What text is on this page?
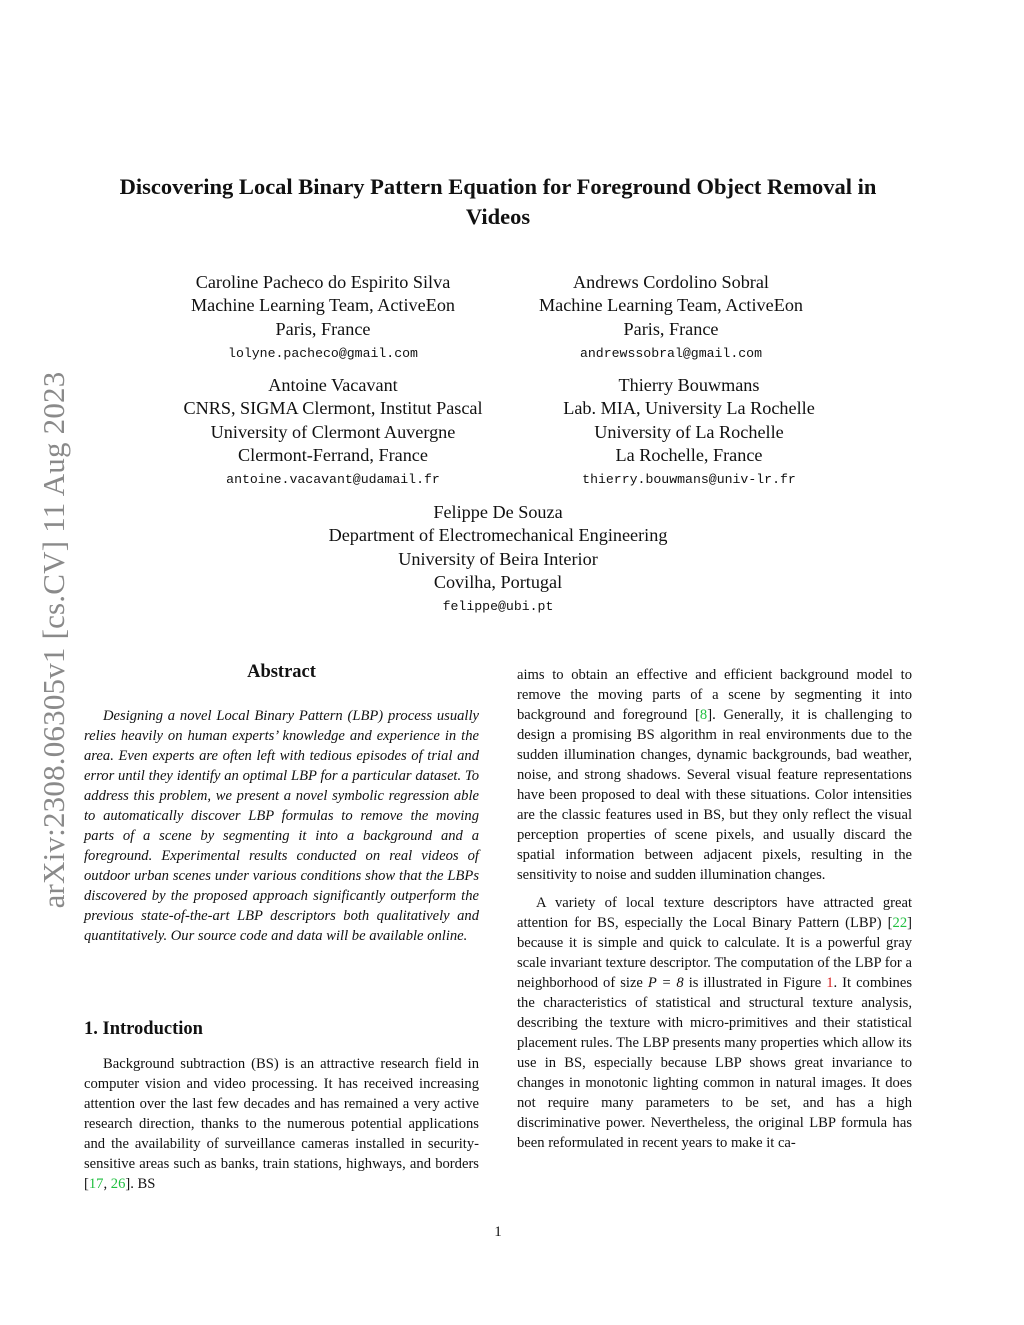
arXiv:2308.06305v1 [cs.CV] 11 Aug 2023
Discovering Local Binary Pattern Equation for Foreground Object Removal in
Videos
Caroline Pacheco do Espirito Silva
Machine Learning Team, ActiveEon
Paris, France
lolyne.pacheco@gmail.com
Andrews Cordolino Sobral
Machine Learning Team, ActiveEon
Paris, France
andrewssobral@gmail.com
Antoine Vacavant
CNRS, SIGMA Clermont, Institut Pascal
University of Clermont Auvergne
Clermont-Ferrand, France
antoine.vacavant@udamail.fr
Thierry Bouwmans
Lab. MIA, University La Rochelle
University of La Rochelle
La Rochelle, France
thierry.bouwmans@univ-lr.fr
Felippe De Souza
Department of Electromechanical Engineering
University of Beira Interior
Covilha, Portugal
felippe@ubi.pt
Abstract

Designing a novel Local Binary Pattern (LBP) process usually relies heavily on human experts’ knowledge and experience in the area. Even experts are often left with tedious episodes of trial and error until they identify an optimal LBP for a particular dataset. To address this problem, we present a novel symbolic regression able to automatically discover LBP formulas to remove the moving parts of a scene by segmenting it into a background and a foreground. Experimental results conducted on real videos of outdoor urban scenes under various conditions show that the LBPs discovered by the proposed approach significantly outperform the previous state-of-the-art LBP descriptors both qualitatively and quantitatively. Our source code and data will be available online.

1. Introduction

Background subtraction (BS) is an attractive research field in computer vision and video processing. It has received increasing attention over the last few decades and has remained a very active research direction, thanks to the numerous potential applications and the availability of surveillance cameras installed in security-sensitive areas such as banks, train stations, highways, and borders [17, 26]. BS

aims to obtain an effective and efficient background model to remove the moving parts of a scene by segmenting it into background and foreground [8]. Generally, it is challenging to design a promising BS algorithm in real environments due to the sudden illumination changes, dynamic backgrounds, bad weather, noise, and strong shadows. Several visual feature representations have been proposed to deal with these situations. Color intensities are the classic features used in BS, but they only reflect the visual perception properties of scene pixels, and usually discard the spatial information between adjacent pixels, resulting in the sensitivity to noise and sudden illumination changes.

A variety of local texture descriptors have attracted great attention for BS, especially the Local Binary Pattern (LBP) [22] because it is simple and quick to calculate. It is a powerful gray scale invariant texture descriptor. The computation of the LBP for a neighborhood of size P = 8 is illustrated in Figure 1. It combines the characteristics of statistical and structural texture analysis, describing the texture with micro-primitives and their statistical placement rules. The LBP presents many properties which allow its use in BS, especially because LBP shows great invariance to changes in monotonic lighting common in natural images. It does not require many parameters to be set, and has a high discriminative power. Nevertheless, the original LBP formula has been reformulated in recent years to make it ca-

1
